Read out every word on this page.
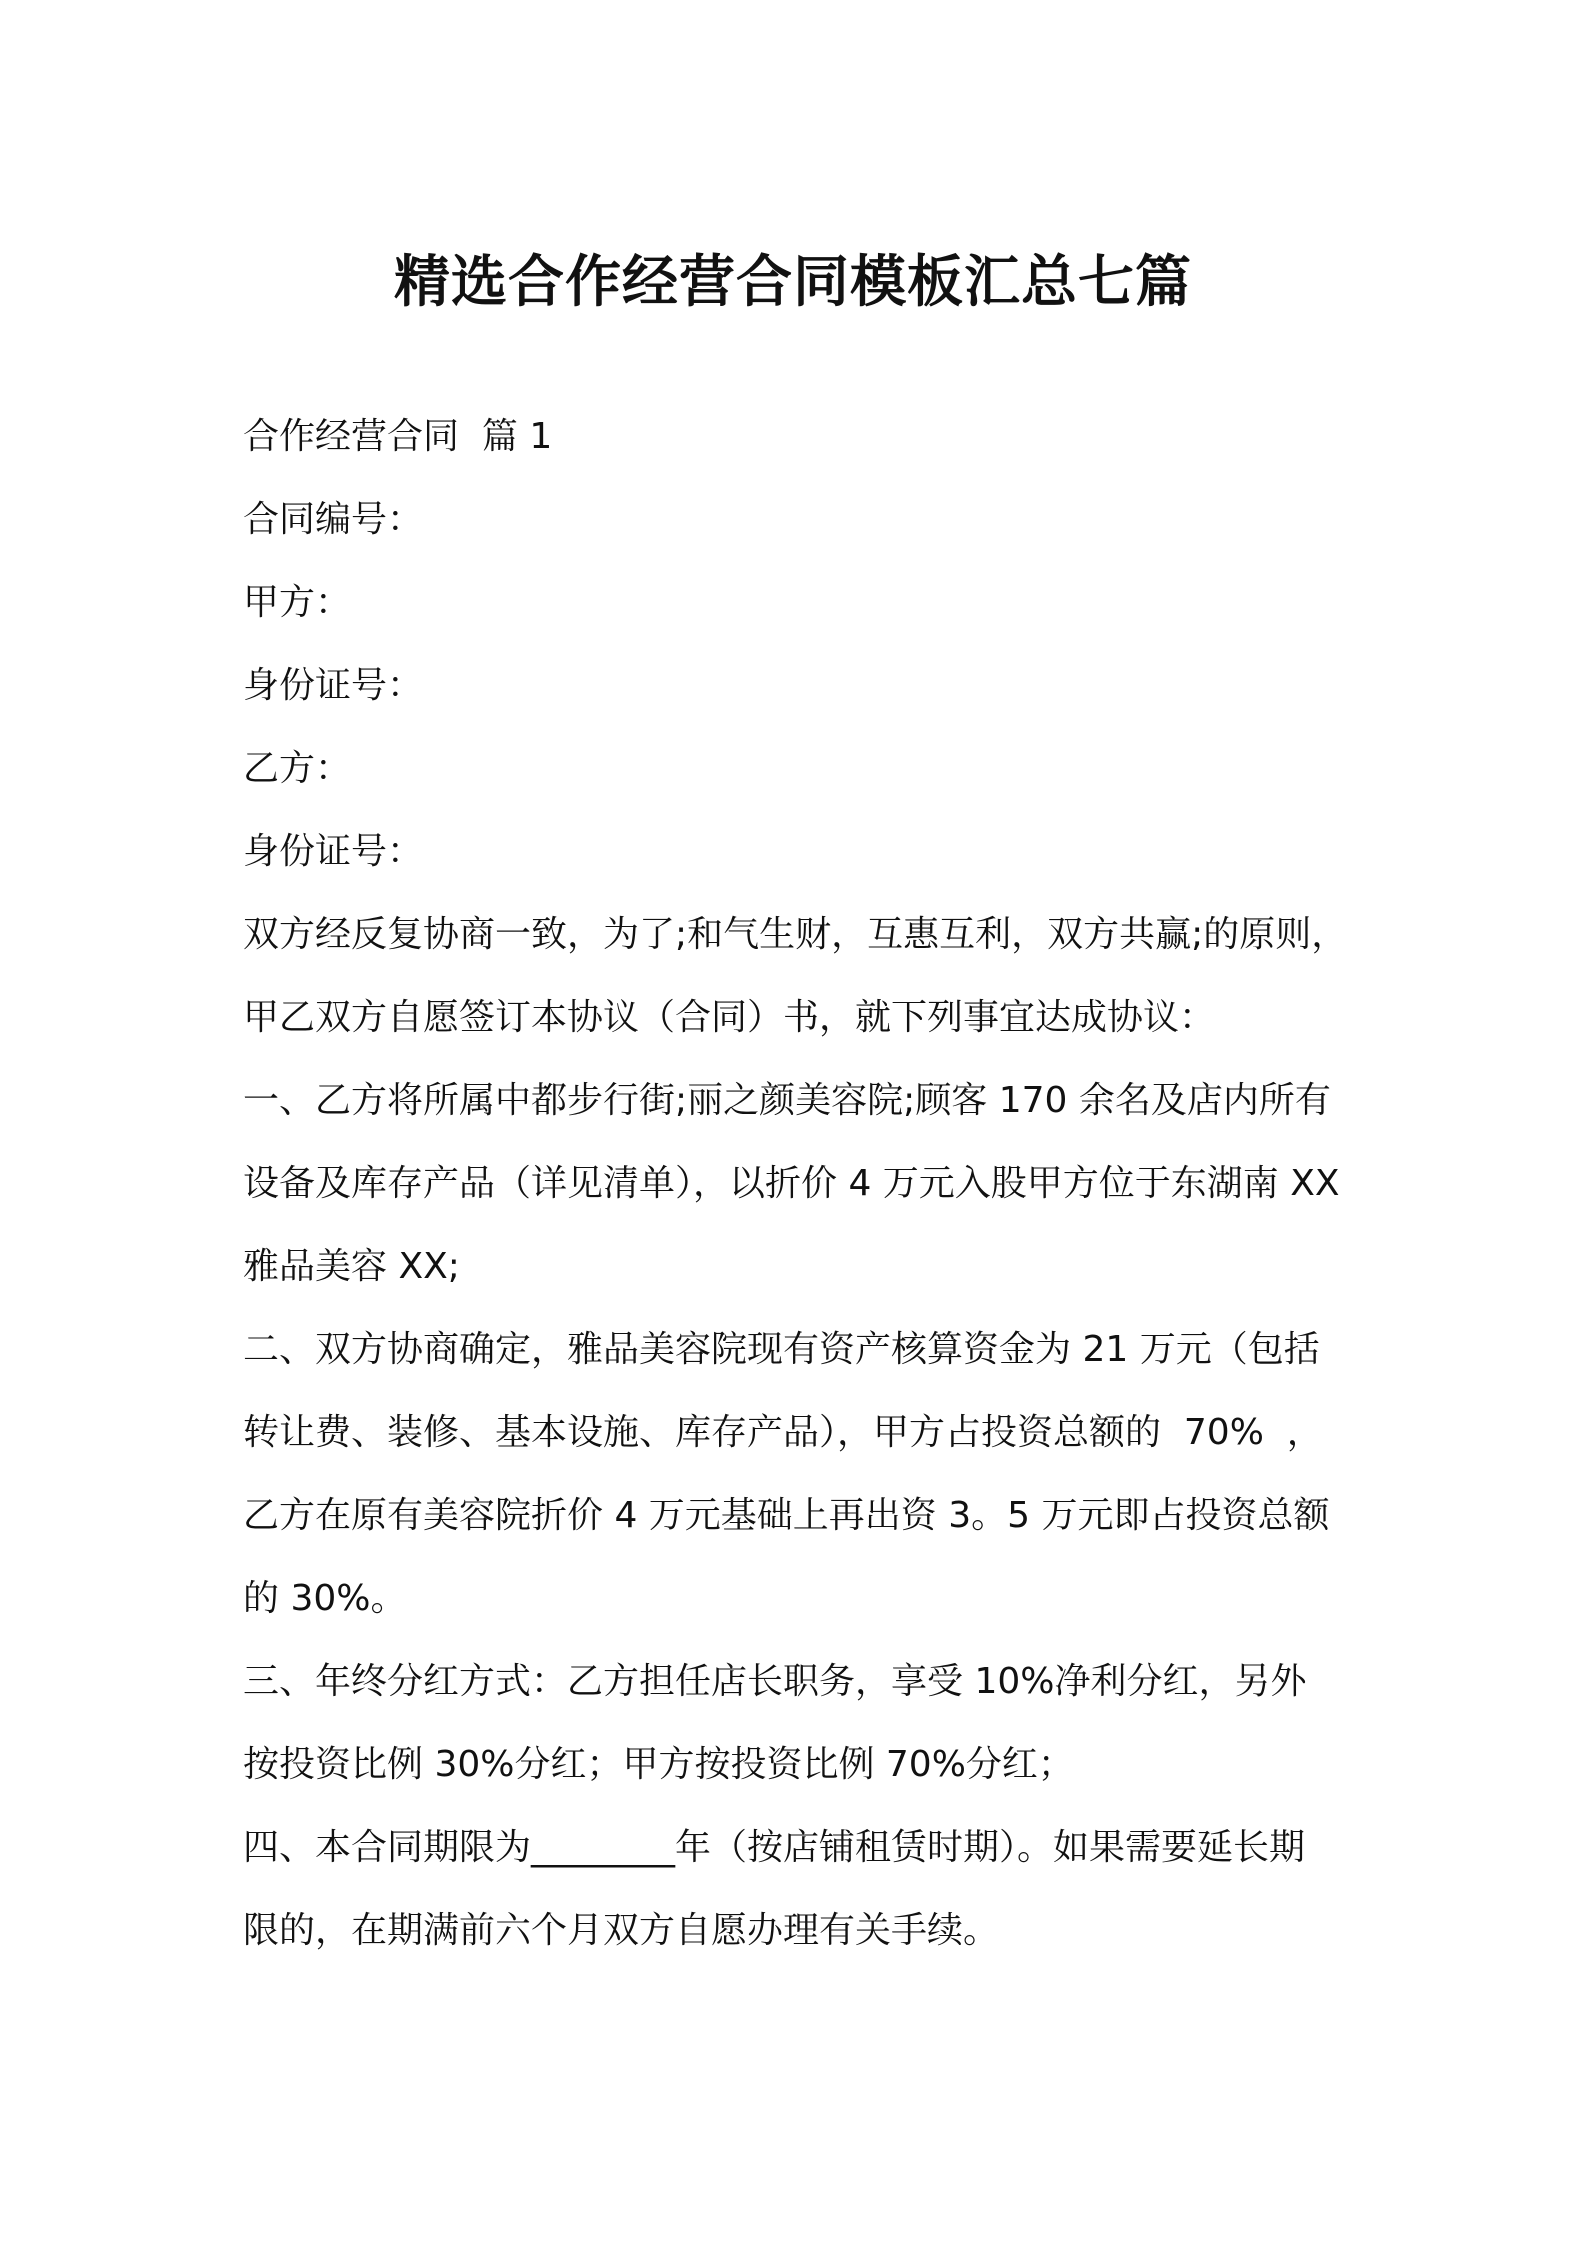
精选合作经营合同模板汇总七篇

合作经营合同  篇 1

合同编号：

甲方：

身份证号：

乙方：

身份证号：

双方经反复协商一致，为了;和气生财，互惠互利，双方共赢;的原则，

甲乙双方自愿签订本协议（合同）书，就下列事宜达成协议：

一、乙方将所属中都步行街;丽之颜美容院;顾客 170 余名及店内所有

设备及库存产品（详见清单），以折价 4 万元入股甲方位于东湖南 XX

雅品美容 XX;

二、双方协商确定，雅品美容院现有资产核算资金为 21 万元（包括

转让费、装修、基本设施、库存产品），甲方占投资总额的  70%  ，

乙方在原有美容院折价 4 万元基础上再出资 3。5 万元即占投资总额

的 30%。

三、年终分红方式：乙方担任店长职务，享受 10%净利分红，另外

按投资比例 30%分红；甲方按投资比例 70%分红；

四、本合同期限为________年（按店铺租赁时期）。如果需要延长期

限的，在期满前六个月双方自愿办理有关手续。
